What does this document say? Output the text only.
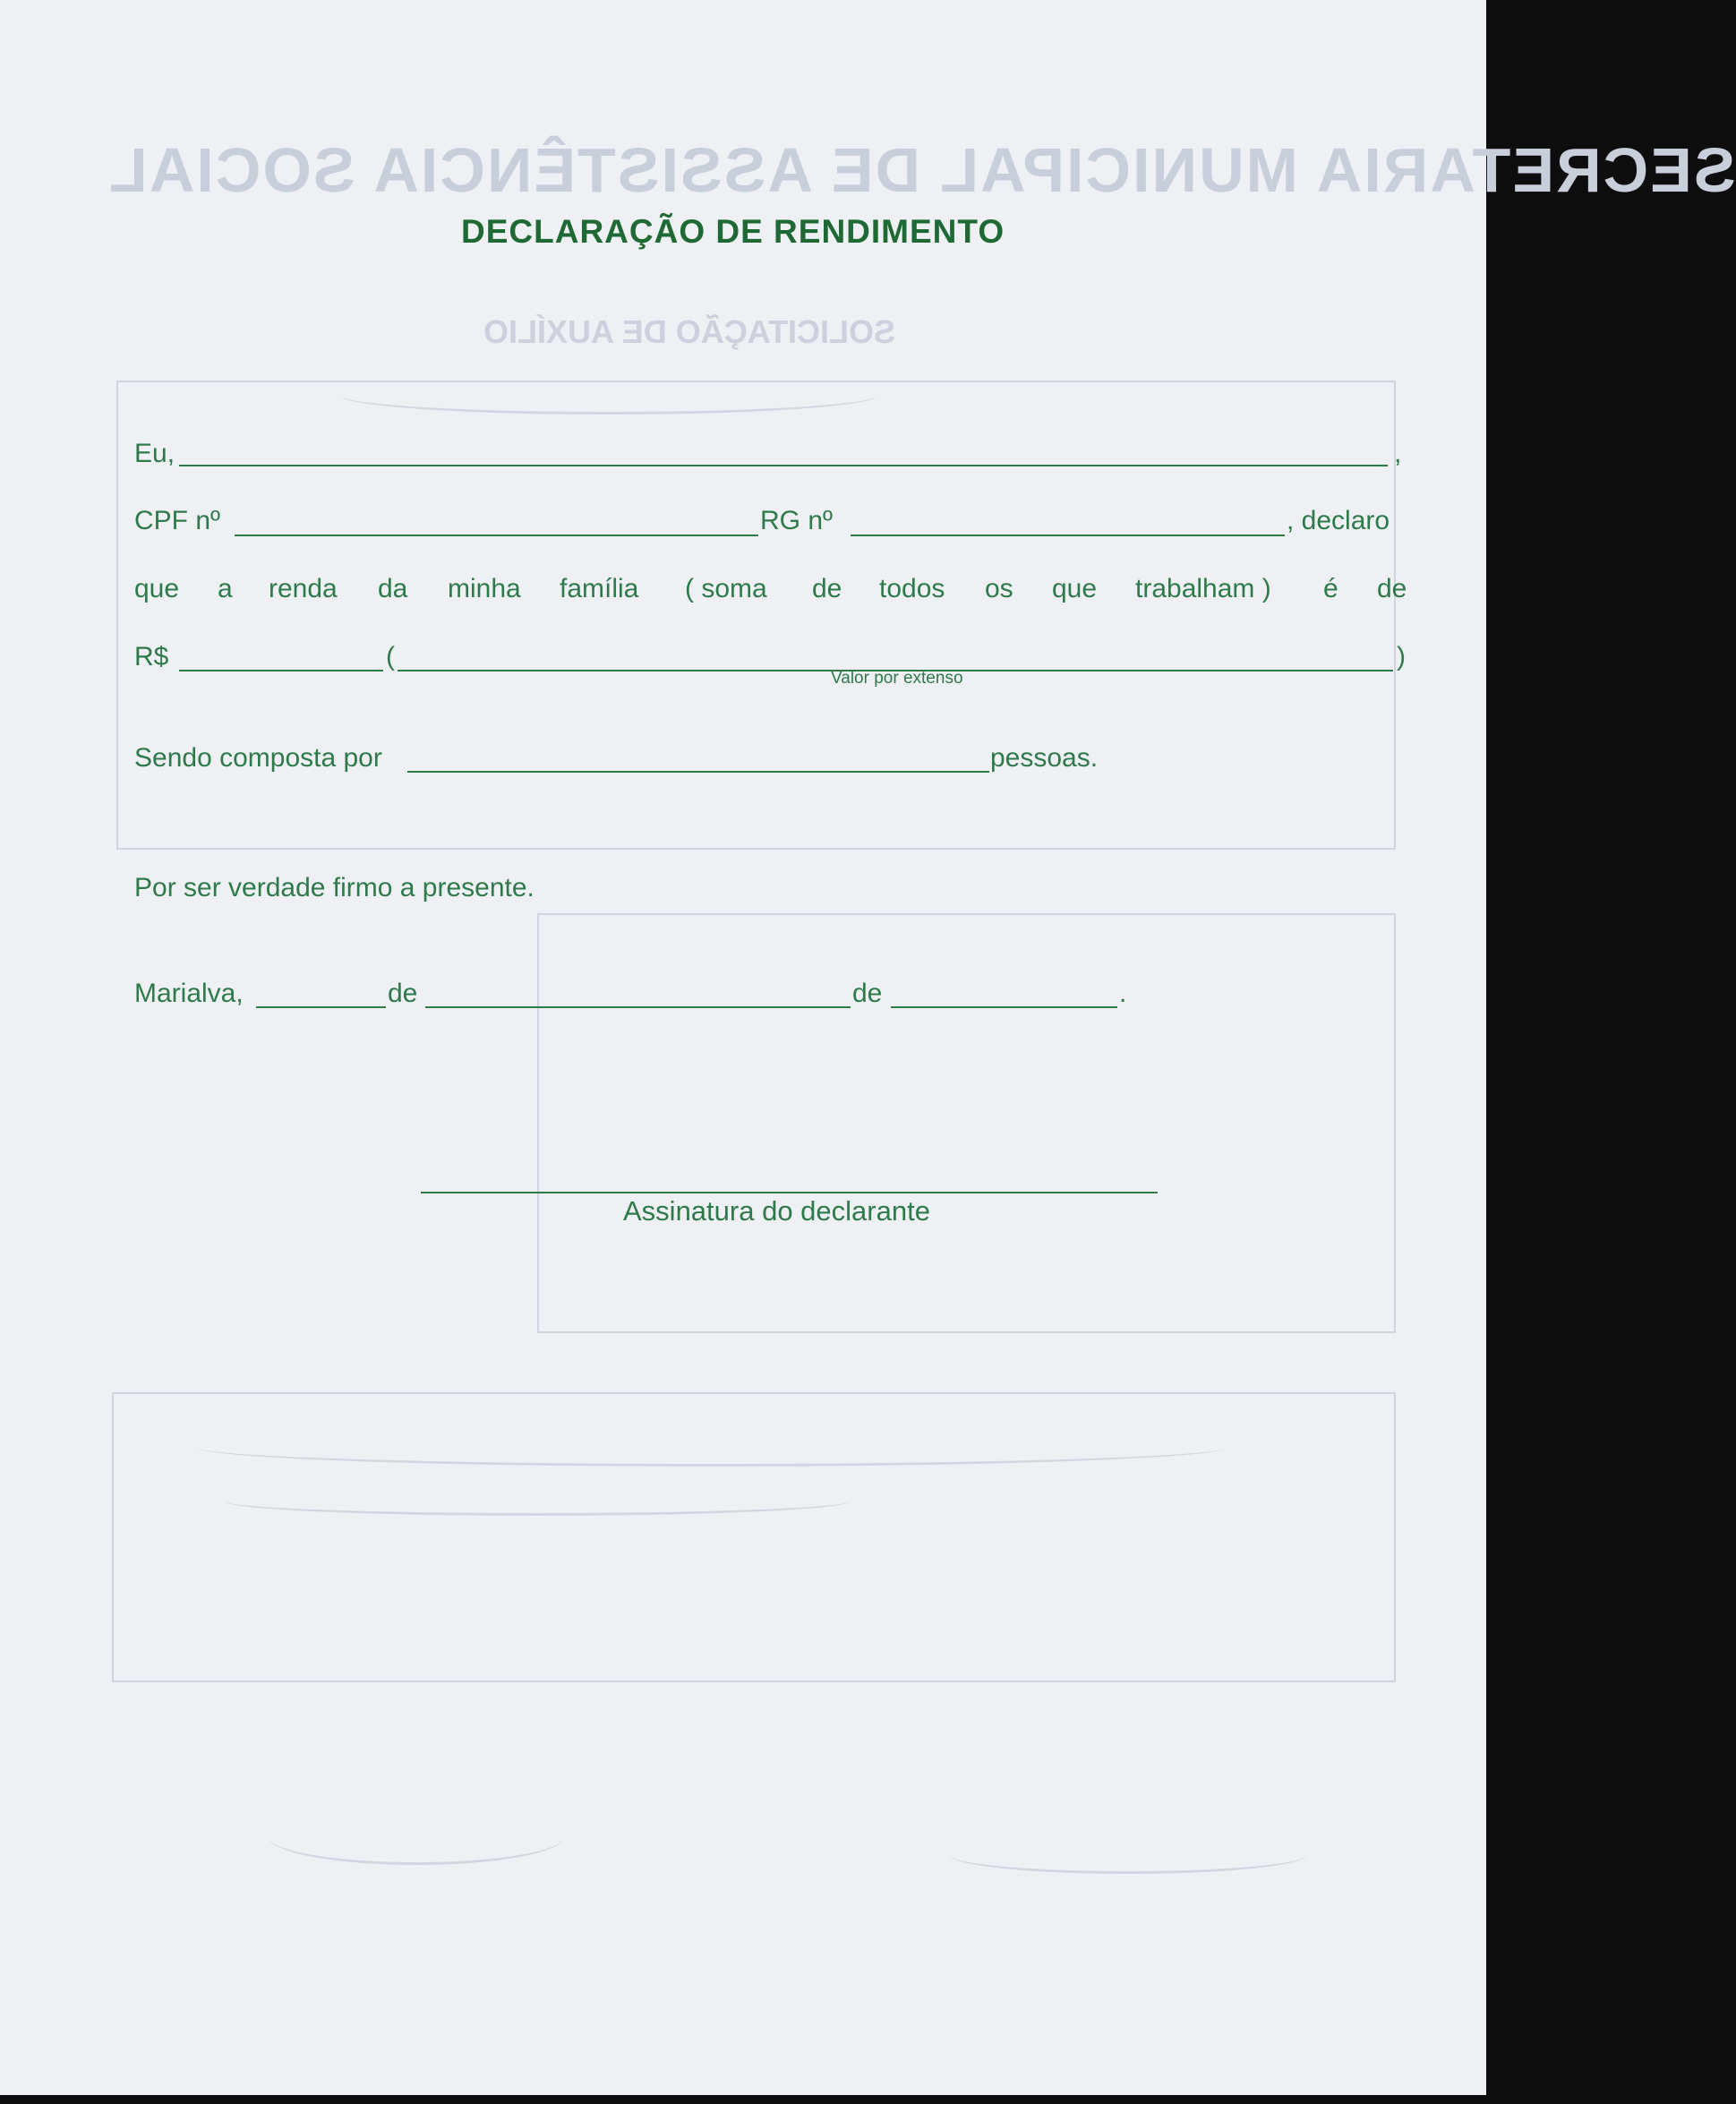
SECRETARIA MUNICIPAL DE ASSISTÊNCIA SOCIAL
SOLICITAÇÃO DE AUXÍLIO
DECLARAÇÃO DE RENDIMENTO
Eu,	,
CPF nº	RG nº	, declaro
que a renda da minha família ( soma de todos os que trabalham ) é de
R$	(	)
Valor por extenso
Sendo composta por	pessoas.
Por ser verdade firmo a presente.
Marialva,	de	de	.
Assinatura do declarante
